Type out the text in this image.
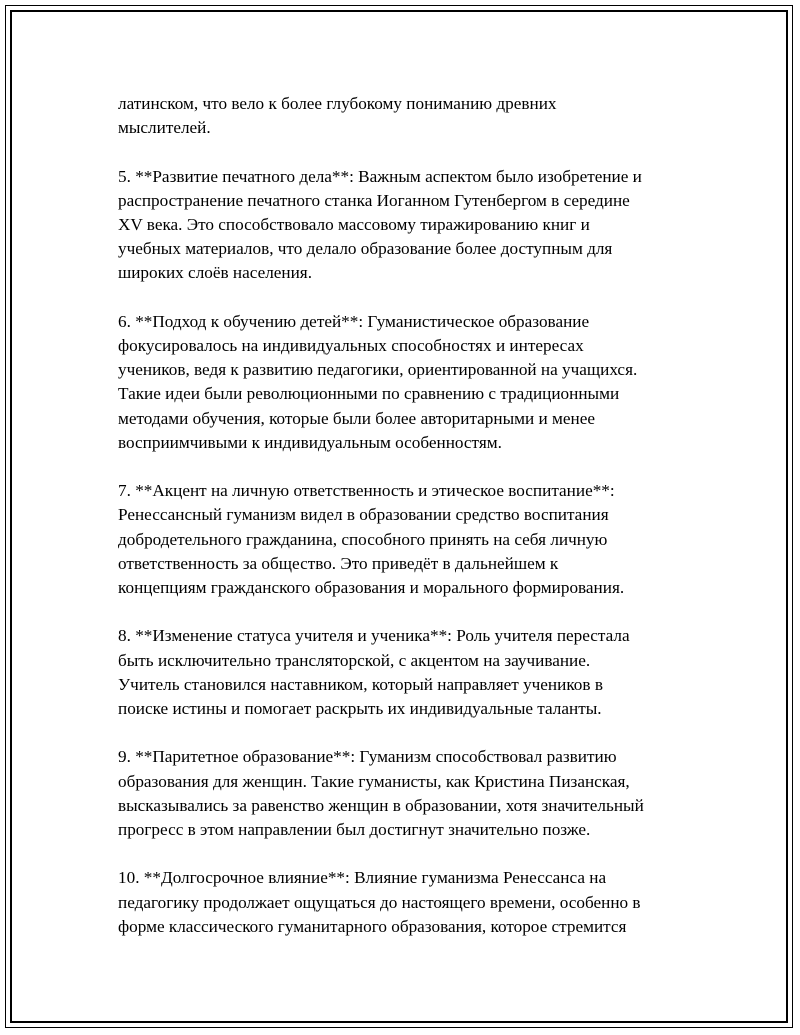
латинском, что вело к более глубокому пониманию древних
мыслителей.

5. **Развитие печатного дела**: Важным аспектом было изобретение и
распространение печатного станка Иоганном Гутенбергом в середине
XV века. Это способствовало массовому тиражированию книг и
учебных материалов, что делало образование более доступным для
широких слоёв населения.

6. **Подход к обучению детей**: Гуманистическое образование
фокусировалось на индивидуальных способностях и интересах
учеников, ведя к развитию педагогики, ориентированной на учащихся.
Такие идеи были революционными по сравнению с традиционными
методами обучения, которые были более авторитарными и менее
восприимчивыми к индивидуальным особенностям.

7. **Акцент на личную ответственность и этическое воспитание**:
Ренессансный гуманизм видел в образовании средство воспитания
добродетельного гражданина, способного принять на себя личную
ответственность за общество. Это приведёт в дальнейшем к
концепциям гражданского образования и морального формирования.

8. **Изменение статуса учителя и ученика**: Роль учителя перестала
быть исключительно трансляторской, с акцентом на заучивание.
Учитель становился наставником, который направляет учеников в
поиске истины и помогает раскрыть их индивидуальные таланты.

9. **Паритетное образование**: Гуманизм способствовал развитию
образования для женщин. Такие гуманисты, как Кристина Пизанская,
высказывались за равенство женщин в образовании, хотя значительный
прогресс в этом направлении был достигнут значительно позже.

10. **Долгосрочное влияние**: Влияние гуманизма Ренессанса на
педагогику продолжает ощущаться до настоящего времени, особенно в
форме классического гуманитарного образования, которое стремится
